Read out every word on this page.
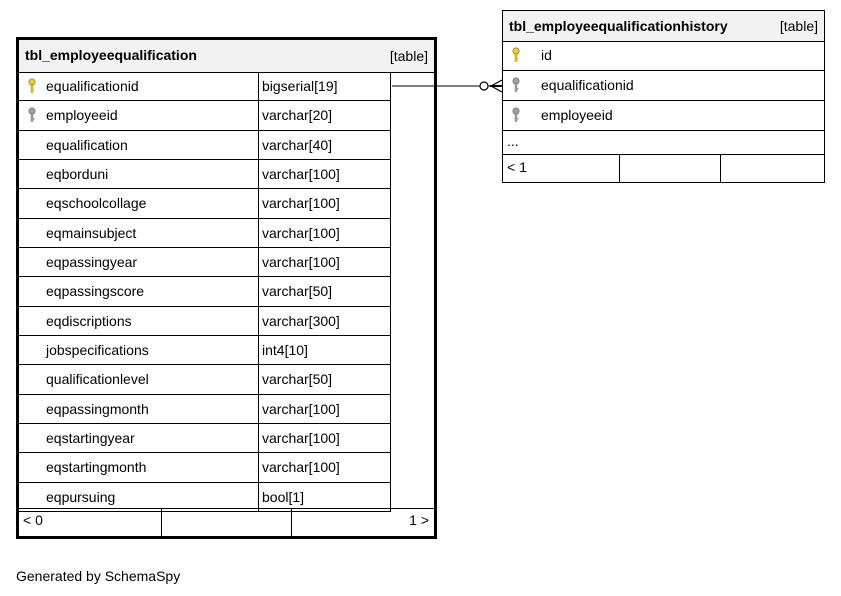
tbl_employeequalification	[table]
equalificationid	bigserial[19]
employeeid	varchar[20]
equalification	varchar[40]
eqborduni	varchar[100]
eqschoolcollage	varchar[100]
eqmainsubject	varchar[100]
eqpassingyear	varchar[100]
eqpassingscore	varchar[50]
eqdiscriptions	varchar[300]
jobspecifications	int4[10]
qualificationlevel	varchar[50]
eqpassingmonth	varchar[100]
eqstartingyear	varchar[100]
eqstartingmonth	varchar[100]
eqpursuing	bool[1]
< 0	1 >
tbl_employeequalificationhistory	[table]
id
equalificationid
employeeid
...
< 1
Generated by SchemaSpy
